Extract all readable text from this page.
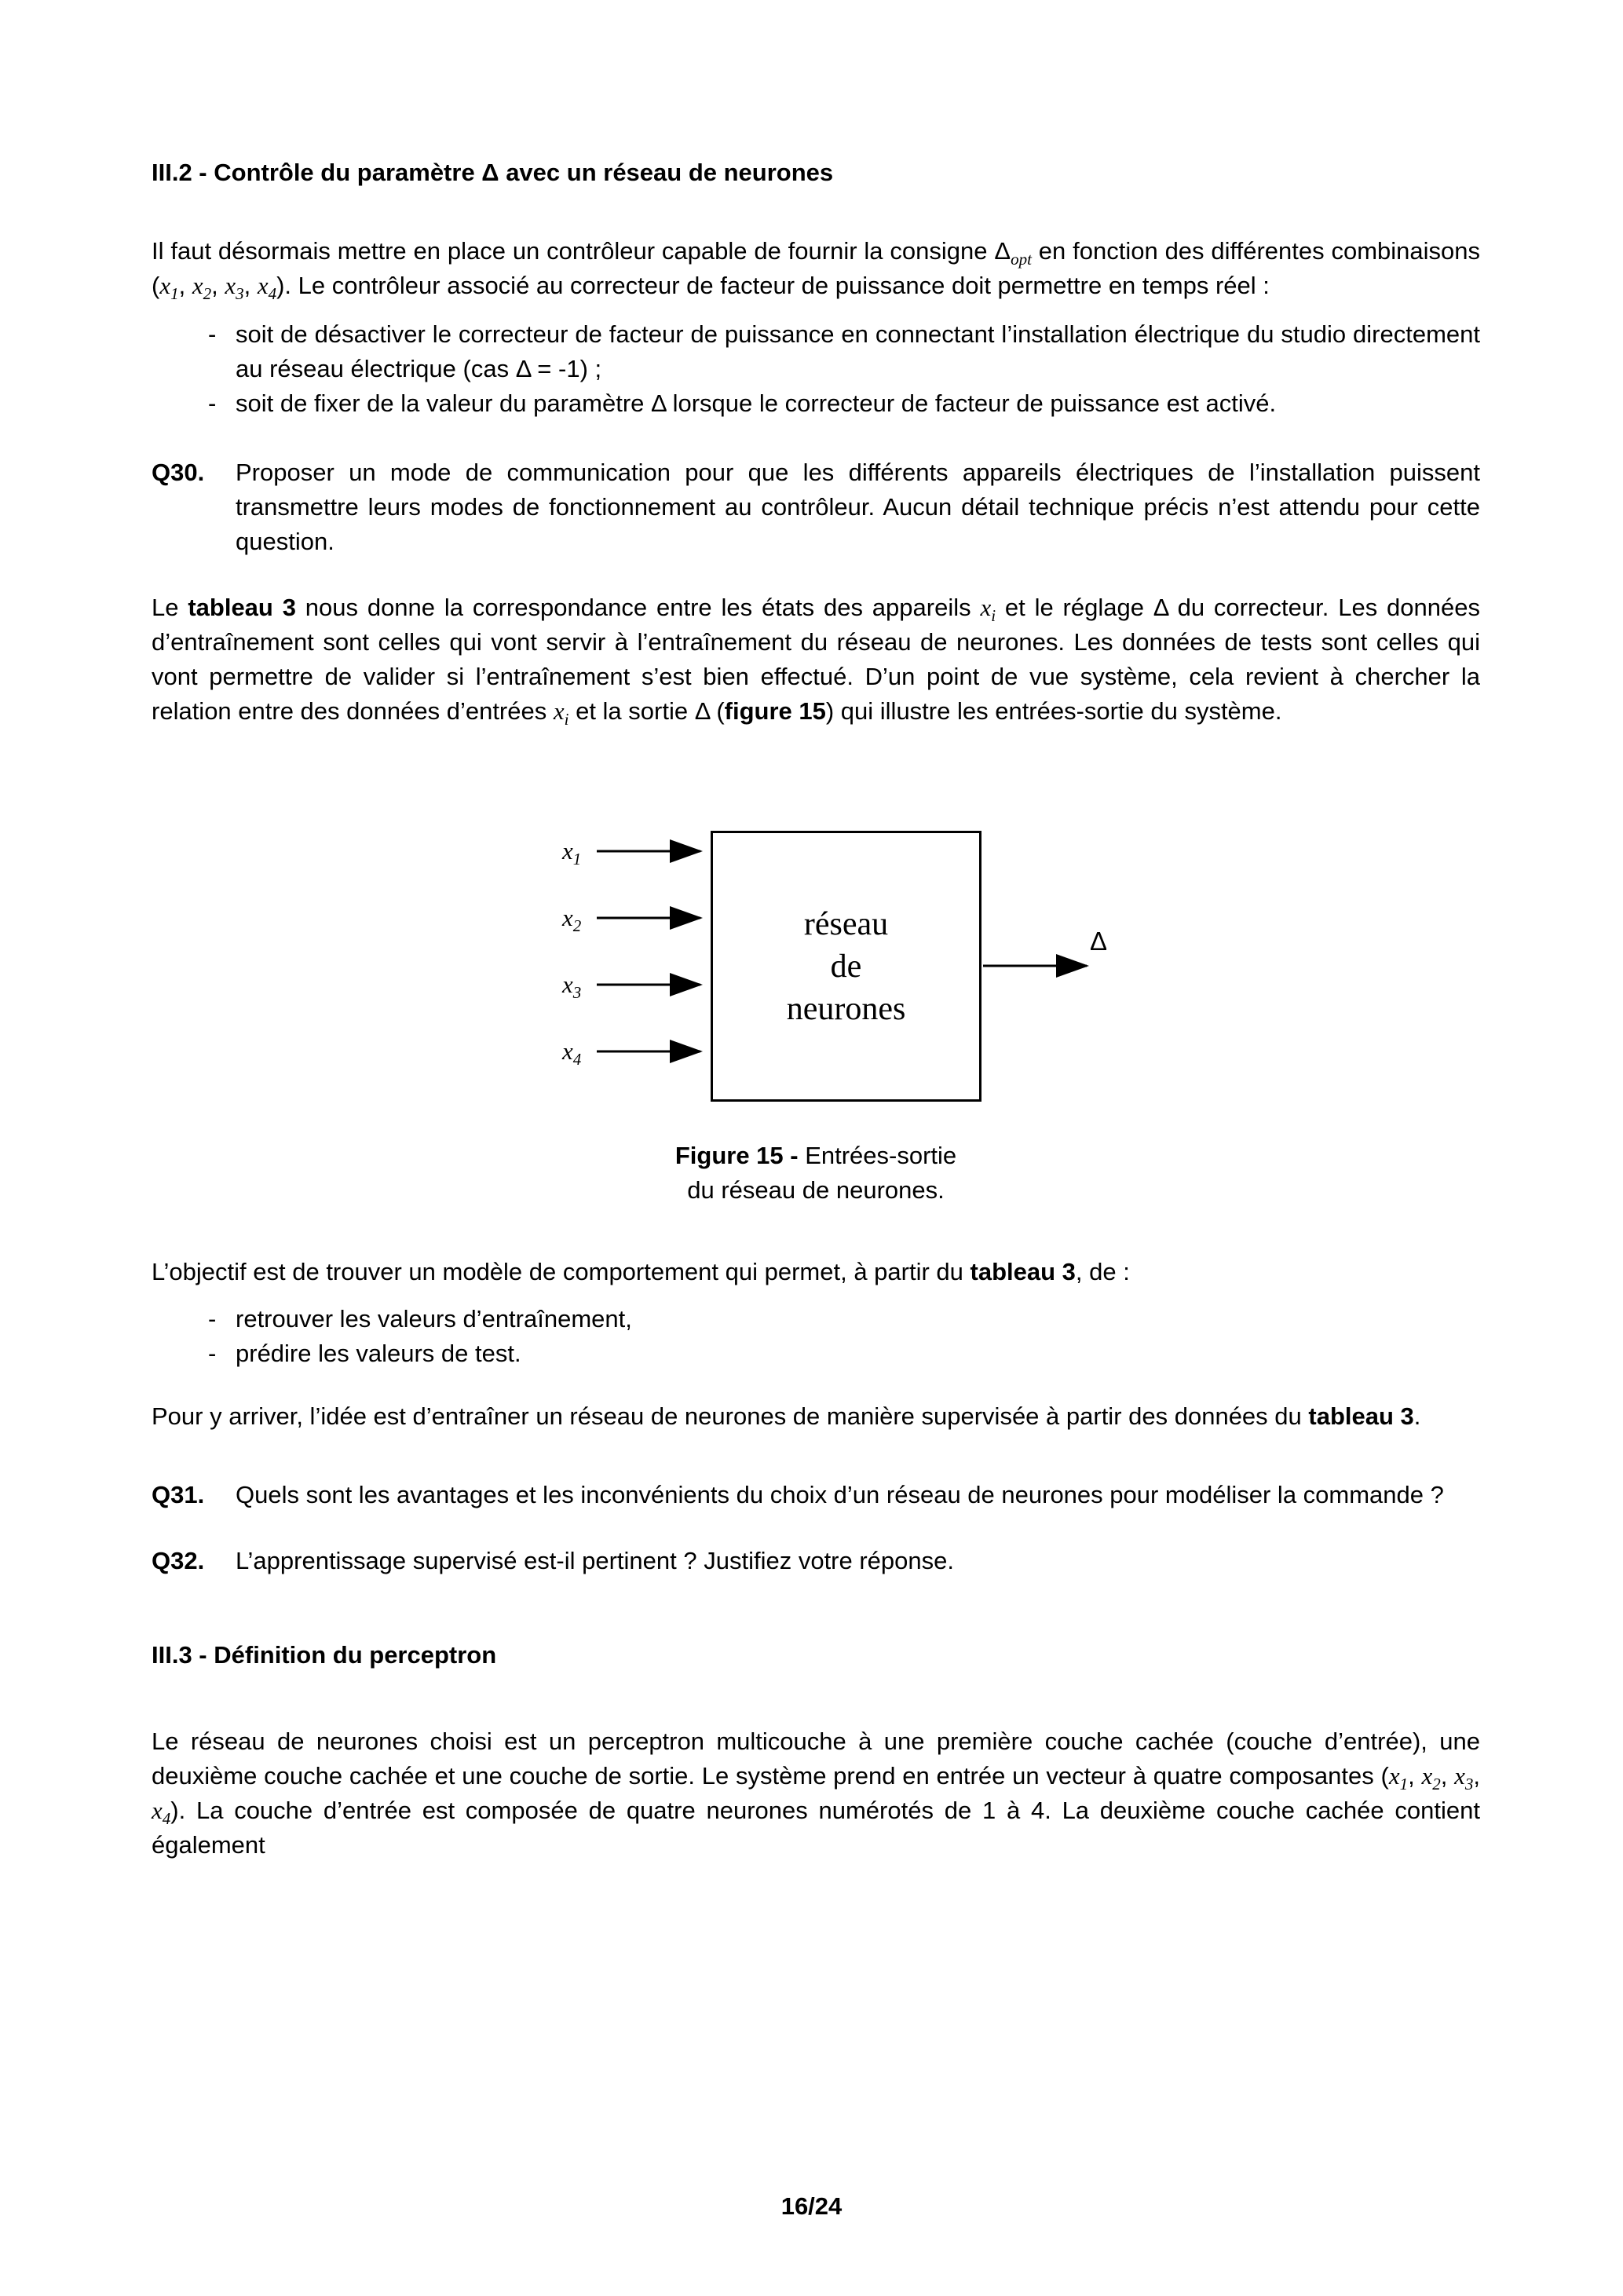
III.2 - Contrôle du paramètre Δ avec un réseau de neurones

Il faut désormais mettre en place un contrôleur capable de fournir la consigne $\Delta_{opt}$ en fonction des différentes combinaisons ($x_1$, $x_2$, $x_3$, $x_4$). Le contrôleur associé au correcteur de facteur de puissance doit permettre en temps réel :

- soit de désactiver le correcteur de facteur de puissance en connectant l’installation électrique du studio directement au réseau électrique (cas Δ = -1) ;
- soit de fixer de la valeur du paramètre Δ lorsque le correcteur de facteur de puissance est activé.
Q30.	Proposer un mode de communication pour que les différents appareils électriques de l’installation puissent transmettre leurs modes de fonctionnement au contrôleur. Aucun détail technique précis n’est attendu pour cette question.

Le tableau 3 nous donne la correspondance entre les états des appareils $x_i$ et le réglage Δ du correcteur. Les données d’entraînement sont celles qui vont servir à l’entraînement du réseau de neurones. Les données de tests sont celles qui vont permettre de valider si l’entraînement s’est bien effectué. D’un point de vue système, cela revient à chercher la relation entre des données d’entrées $x_i$ et la sortie Δ (figure 15) qui illustre les entrées-sortie du système.

$x_1$
$x_2$
$x_3$
$x_4$
réseau
de
neurones
Δ
Figure 15 - Entrées-sortie
du réseau de neurones.

L’objectif est de trouver un modèle de comportement qui permet, à partir du tableau 3, de :

- retrouver les valeurs d’entraînement,
- prédire les valeurs de test.

Pour y arriver, l’idée est d’entraîner un réseau de neurones de manière supervisée à partir des données du tableau 3.

Q31.	Quels sont les avantages et les inconvénients du choix d’un réseau de neurones pour modéliser la commande ?
Q32.	L’apprentissage supervisé est-il pertinent ? Justifiez votre réponse.
III.3 - Définition du perceptron

Le réseau de neurones choisi est un perceptron multicouche à une première couche cachée (couche d’entrée), une deuxième couche cachée et une couche de sortie. Le système prend en entrée un vecteur à quatre composantes ($x_1$, $x_2$, $x_3$, $x_4$). La couche d’entrée est composée de quatre neurones numérotés de 1 à 4. La deuxième couche cachée contient également

16/24
